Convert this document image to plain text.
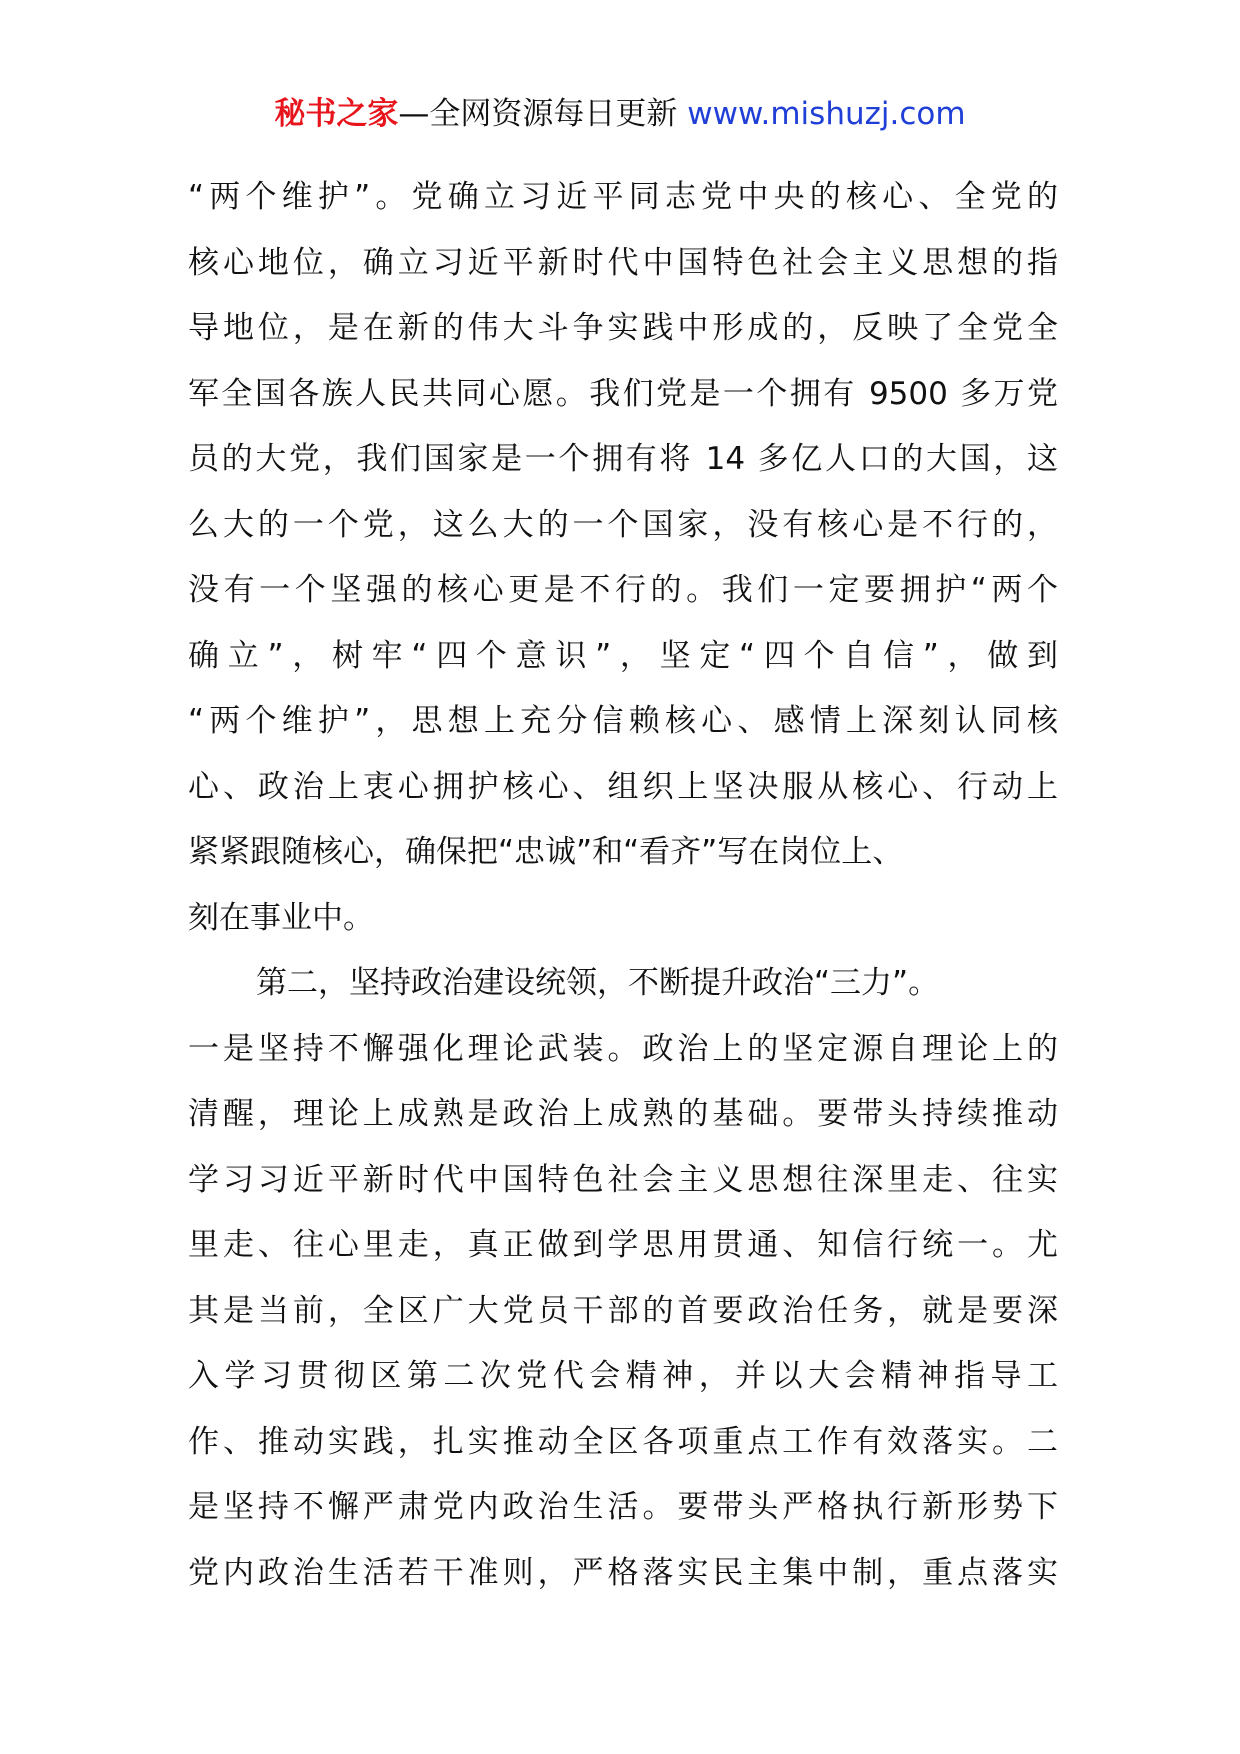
秘书之家—全网资源每日更新 www.mishuzj.com
“两个维护”。党确立习近平同志党中央的核心、全党的
核心地位，确立习近平新时代中国特色社会主义思想的指
导地位，是在新的伟大斗争实践中形成的，反映了全党全
军全国各族人民共同心愿。我们党是一个拥有 9500 多万党
员的大党，我们国家是一个拥有将 14 多亿人口的大国，这
么大的一个党，这么大的一个国家，没有核心是不行的，
没有一个坚强的核心更是不行的。我们一定要拥护“两个
确立”，树牢“四个意识”，坚定“四个自信”，做到
“两个维护”，思想上充分信赖核心、感情上深刻认同核
心、政治上衷心拥护核心、组织上坚决服从核心、行动上
紧紧跟随核心，确保把“忠诚”和“看齐”写在岗位上、
刻在事业中。
第二，坚持政治建设统领，不断提升政治“三力”。
一是坚持不懈强化理论武装。政治上的坚定源自理论上的
清醒，理论上成熟是政治上成熟的基础。要带头持续推动
学习习近平新时代中国特色社会主义思想往深里走、往实
里走、往心里走，真正做到学思用贯通、知信行统一。尤
其是当前，全区广大党员干部的首要政治任务，就是要深
入学习贯彻区第二次党代会精神，并以大会精神指导工
作、推动实践，扎实推动全区各项重点工作有效落实。二
是坚持不懈严肃党内政治生活。要带头严格执行新形势下
党内政治生活若干准则，严格落实民主集中制，重点落实
